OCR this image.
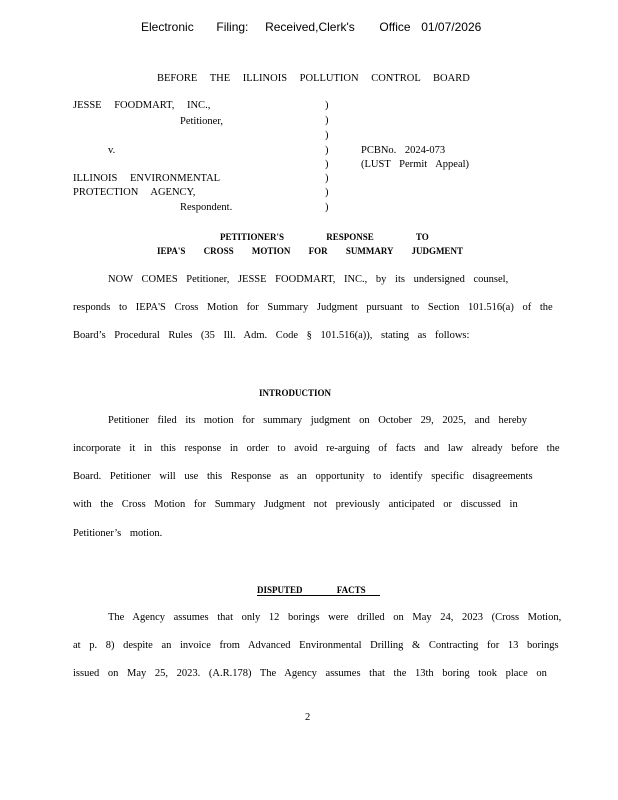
Electronic Filing: Received,Clerk's Office 01/07/2026
BEFORE THE ILLINOIS POLLUTION CONTROL BOARD
JESSE FOODMART, INC.,
Petitioner,
v.
ILLINOIS ENVIRONMENTAL
PROTECTION AGENCY,
Respondent.
)
)
)
)
)
)
)
)
PCBNo. 2024-073
(LUST Permit Appeal)
PETITIONER'S RESPONSE TO
IEPA'S CROSS MOTION FOR SUMMARY JUDGMENT
NOW COMES Petitioner, JESSE FOODMART, INC., by its undersigned counsel,
responds to IEPA'S Cross Motion for Summary Judgment pursuant to Section 101.516(a) of the
Board’s Procedural Rules (35 Ill. Adm. Code § 101.516(a)), stating as follows:
INTRODUCTION
Petitioner filed its motion for summary judgment on October 29, 2025, and hereby
incorporate it in this response in order to avoid re-arguing of facts and law already before the
Board. Petitioner will use this Response as an opportunity to identify specific disagreements
with the Cross Motion for Summary Judgment not previously anticipated or discussed in
Petitioner’s motion.
DISPUTED FACTS
The Agency assumes that only 12 borings were drilled on May 24, 2023 (Cross Motion,
at p. 8) despite an invoice from Advanced Environmental Drilling & Contracting for 13 borings
issued on May 25, 2023. (A.R.178) The Agency assumes that the 13th boring took place on
2
